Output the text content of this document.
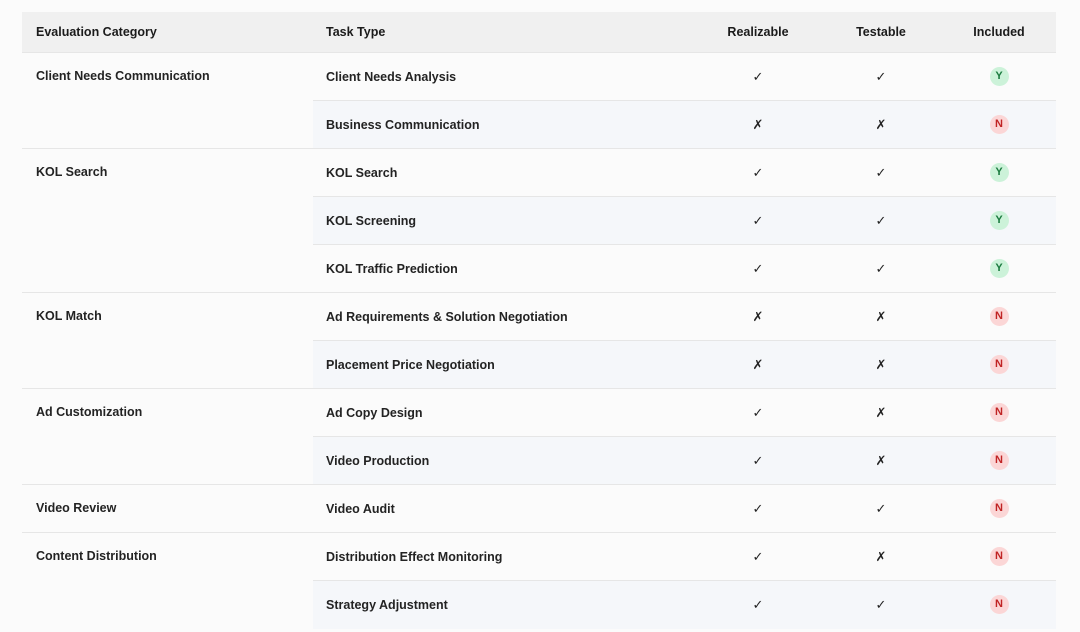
Evaluation Category	Task Type	Realizable	Testable	Included
Client Needs Communication	Client Needs Analysis	✓	✓	Y
	Business Communication	✗	✗	N
KOL Search	KOL Search	✓	✓	Y
	KOL Screening	✓	✓	Y
	KOL Traffic Prediction	✓	✓	Y
KOL Match	Ad Requirements & Solution Negotiation	✗	✗	N
	Placement Price Negotiation	✗	✗	N
Ad Customization	Ad Copy Design	✓	✗	N
	Video Production	✓	✗	N
Video Review	Video Audit	✓	✓	N
Content Distribution	Distribution Effect Monitoring	✓	✗	N
	Strategy Adjustment	✓	✓	N
